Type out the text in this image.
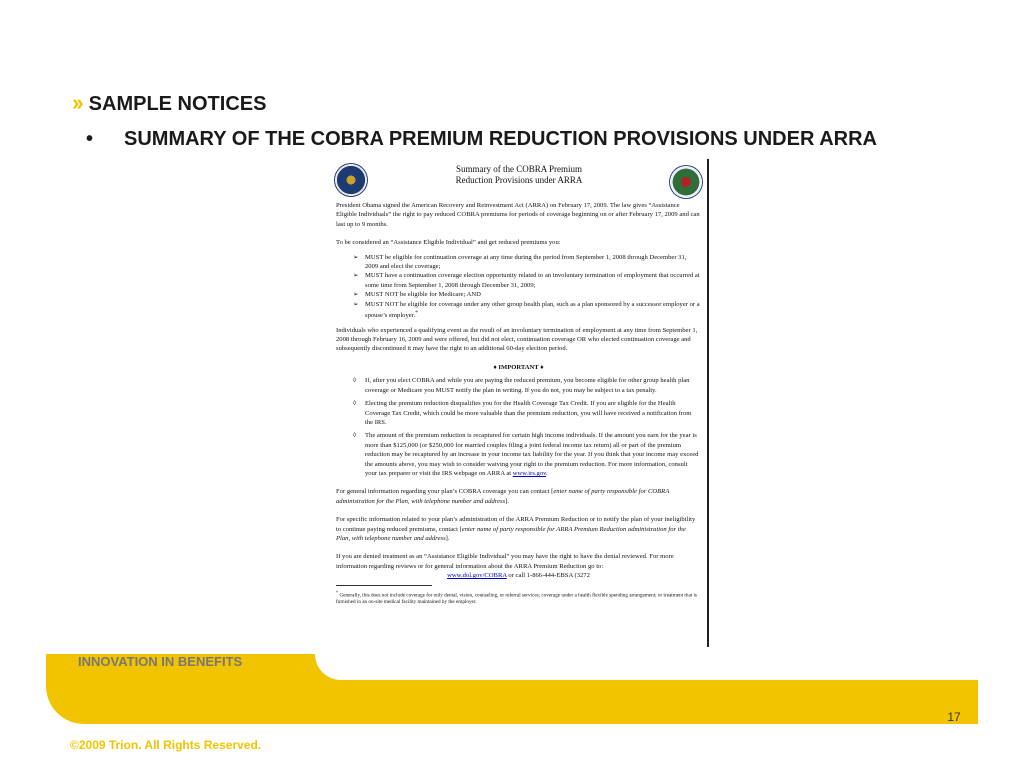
›› SAMPLE NOTICES
• SUMMARY OF THE COBRA PREMIUM REDUCTION PROVISIONS UNDER ARRA
Summary of the COBRA Premium
Reduction Provisions under ARRA

President Obama signed the American Recovery and Reinvestment Act (ARRA) on February 17, 2009. The law gives “Assistance Eligible Individuals” the right to pay reduced COBRA premiums for periods of coverage beginning on or after February 17, 2009 and can last up to 9 months.

To be considered an “Assistance Eligible Individual” and get reduced premiums you:

➢ MUST be eligible for continuation coverage at any time during the period from September 1, 2008 through December 31, 2009 and elect the coverage;
➢ MUST have a continuation coverage election opportunity related to an involuntary termination of employment that occurred at some time from September 1, 2008 through December 31, 2009;
➢ MUST NOT be eligible for Medicare; AND
➢ MUST NOT be eligible for coverage under any other group health plan, such as a plan sponsored by a successor employer or a spouse’s employer.*

Individuals who experienced a qualifying event as the result of an involuntary termination of employment at any time from September 1, 2008 through February 16, 2009 and were offered, but did not elect, continuation coverage OR who elected continuation coverage and subsequently discontinued it may have the right to an additional 60-day election period.

♦ IMPORTANT ♦
◊ If, after you elect COBRA and while you are paying the reduced premium, you become eligible for other group health plan coverage or Medicare you MUST notify the plan in writing. If you do not, you may be subject to a tax penalty.
◊ Electing the premium reduction disqualifies you for the Health Coverage Tax Credit. If you are eligible for the Health Coverage Tax Credit, which could be more valuable than the premium reduction, you will have received a notification from the IRS.
◊ The amount of the premium reduction is recaptured for certain high income individuals. If the amount you earn for the year is more than $125,000 (or $250,000 for married couples filing a joint federal income tax return) all or part of the premium reduction may be recaptured by an increase in your income tax liability for the year. If you think that your income may exceed the amounts above, you may wish to consider waiving your right to the premium reduction. For more information, consult your tax preparer or visit the IRS webpage on ARRA at www.irs.gov.

For general information regarding your plan’s COBRA coverage you can contact [enter name of party responsible for COBRA administration for the Plan, with telephone number and address].

For specific information related to your plan’s administration of the ARRA Premium Reduction or to notify the plan of your ineligibility to continue paying reduced premiums, contact [enter name of party responsible for ARRA Premium Reduction administration for the Plan, with telephone number and address].

If you are denied treatment as an “Assistance Eligible Individual” you may have the right to have the denial reviewed. For more information regarding reviews or for general information about the ARRA Premium Reduction go to:

www.dol.gov/COBRA or call 1-866-444-EBSA (3272
* Generally, this does not include coverage for only dental, vision, counseling, or referral services; coverage under a health flexible spending arrangement; or treatment that is furnished in an on-site medical facility maintained by the employer.
›› INNOVATION IN BENEFITS
›› 17
©2009 Trion. All Rights Reserved.
